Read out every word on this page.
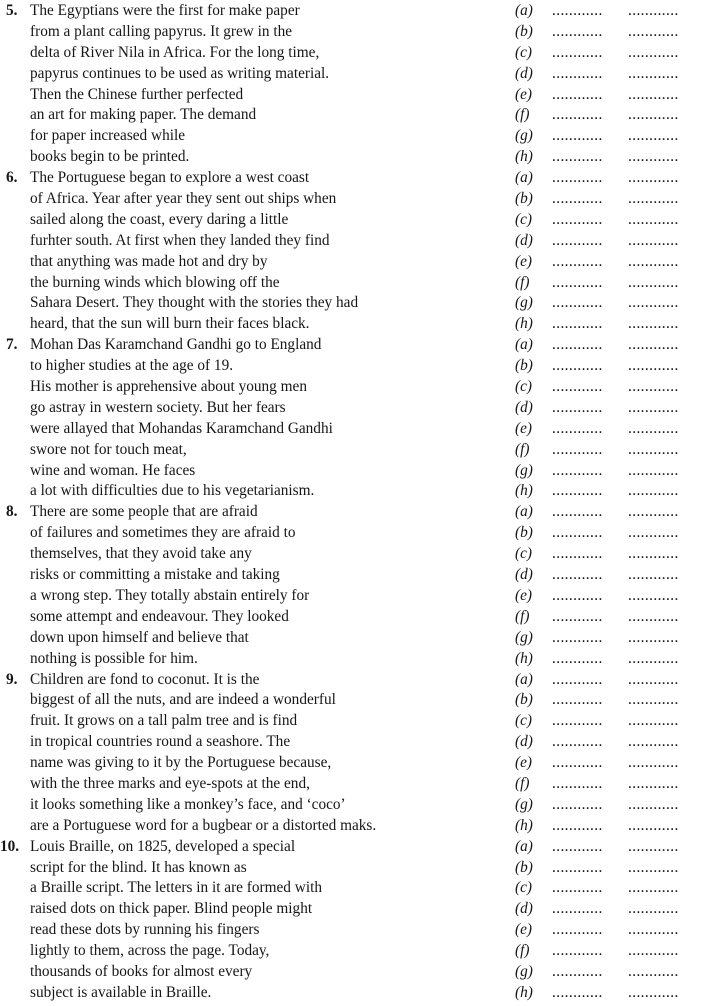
5. The Egyptians were the first for make paper	(a) ............ ............
from a plant calling papyrus. It grew in the	(b) ............ ............
delta of River Nila in Africa. For the long time,	(c) ............ ............
papyrus continues to be used as writing material.	(d) ............ ............
Then the Chinese further perfected	(e) ............ ............
an art for making paper. The demand	(f) ............ ............
for paper increased while	(g) ............ ............
books begin to be printed.	(h) ............ ............
6. The Portuguese began to explore a west coast	(a) ............ ............
of Africa. Year after year they sent out ships when	(b) ............ ............
sailed along the coast, every daring a little	(c) ............ ............
furhter south. At first when they landed they find	(d) ............ ............
that anything was made hot and dry by	(e) ............ ............
the burning winds which blowing off the	(f) ............ ............
Sahara Desert. They thought with the stories they had	(g) ............ ............
heard, that the sun will burn their faces black.	(h) ............ ............
7. Mohan Das Karamchand Gandhi go to England	(a) ............ ............
to higher studies at the age of 19.	(b) ............ ............
His mother is apprehensive about young men	(c) ............ ............
go astray in western society. But her fears	(d) ............ ............
were allayed that Mohandas Karamchand Gandhi	(e) ............ ............
swore not for touch meat,	(f) ............ ............
wine and woman. He faces	(g) ............ ............
a lot with difficulties due to his vegetarianism.	(h) ............ ............
8. There are some people that are afraid	(a) ............ ............
of failures and sometimes they are afraid to	(b) ............ ............
themselves, that they avoid take any	(c) ............ ............
risks or committing a mistake and taking	(d) ............ ............
a wrong step. They totally abstain entirely for	(e) ............ ............
some attempt and endeavour. They looked	(f) ............ ............
down upon himself and believe that	(g) ............ ............
nothing is possible for him.	(h) ............ ............
9. Children are fond to coconut. It is the	(a) ............ ............
biggest of all the nuts, and are indeed a wonderful	(b) ............ ............
fruit. It grows on a tall palm tree and is find	(c) ............ ............
in tropical countries round a seashore. The	(d) ............ ............
name was giving to it by the Portuguese because,	(e) ............ ............
with the three marks and eye-spots at the end,	(f) ............ ............
it looks something like a monkey’s face, and ‘coco’	(g) ............ ............
are a Portuguese word for a bugbear or a distorted maks.	(h) ............ ............
10. Louis Braille, on 1825, developed a special	(a) ............ ............
script for the blind. It has known as	(b) ............ ............
a Braille script. The letters in it are formed with	(c) ............ ............
raised dots on thick paper. Blind people might	(d) ............ ............
read these dots by running his fingers	(e) ............ ............
lightly to them, across the page. Today,	(f) ............ ............
thousands of books for almost every	(g) ............ ............
subject is available in Braille.	(h) ............ ............
